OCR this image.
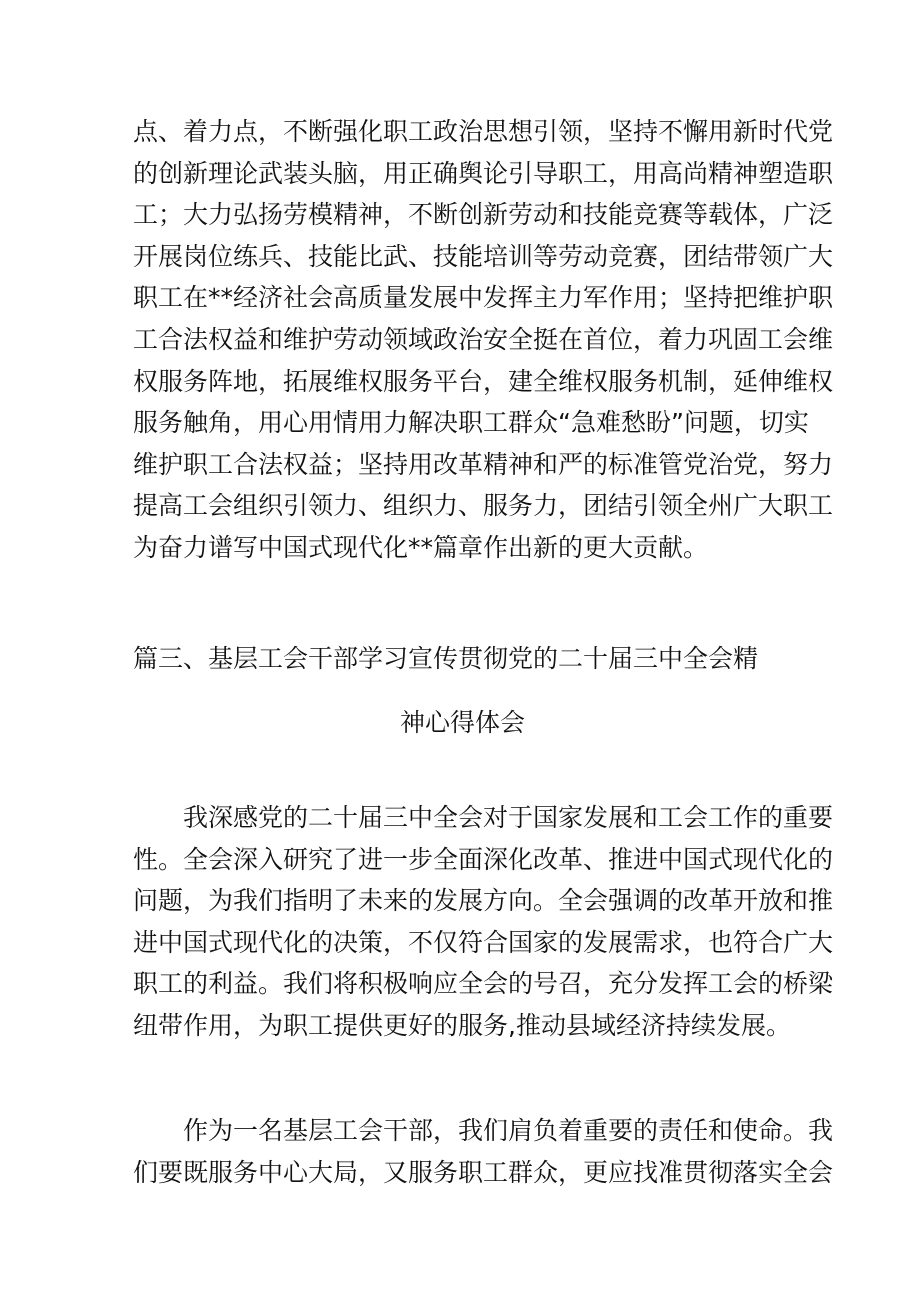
点、着力点，不断强化职工政治思想引领，坚持不懈用新时代党
的创新理论武装头脑，用正确舆论引导职工，用高尚精神塑造职
工；大力弘扬劳模精神，不断创新劳动和技能竞赛等载体，广泛
开展岗位练兵、技能比武、技能培训等劳动竞赛，团结带领广大
职工在**经济社会高质量发展中发挥主力军作用；坚持把维护职
工合法权益和维护劳动领域政治安全挺在首位，着力巩固工会维
权服务阵地，拓展维权服务平台，建全维权服务机制，延伸维权
服务触角，用心用情用力解决职工群众“急难愁盼”问题，切实
维护职工合法权益；坚持用改革精神和严的标准管党治党，努力
提高工会组织引领力、组织力、服务力，团结引领全州广大职工
为奋力谱写中国式现代化**篇章作出新的更大贡献。
篇三、基层工会干部学习宣传贯彻党的二十届三中全会精
神心得体会
我深感党的二十届三中全会对于国家发展和工会工作的重要
性。全会深入研究了进一步全面深化改革、推进中国式现代化的
问题，为我们指明了未来的发展方向。全会强调的改革开放和推
进中国式现代化的决策，不仅符合国家的发展需求，也符合广大
职工的利益。我们将积极响应全会的号召，充分发挥工会的桥梁
纽带作用，为职工提供更好的服务,推动县域经济持续发展。
作为一名基层工会干部，我们肩负着重要的责任和使命。我
们要既服务中心大局，又服务职工群众，更应找准贯彻落实全会
